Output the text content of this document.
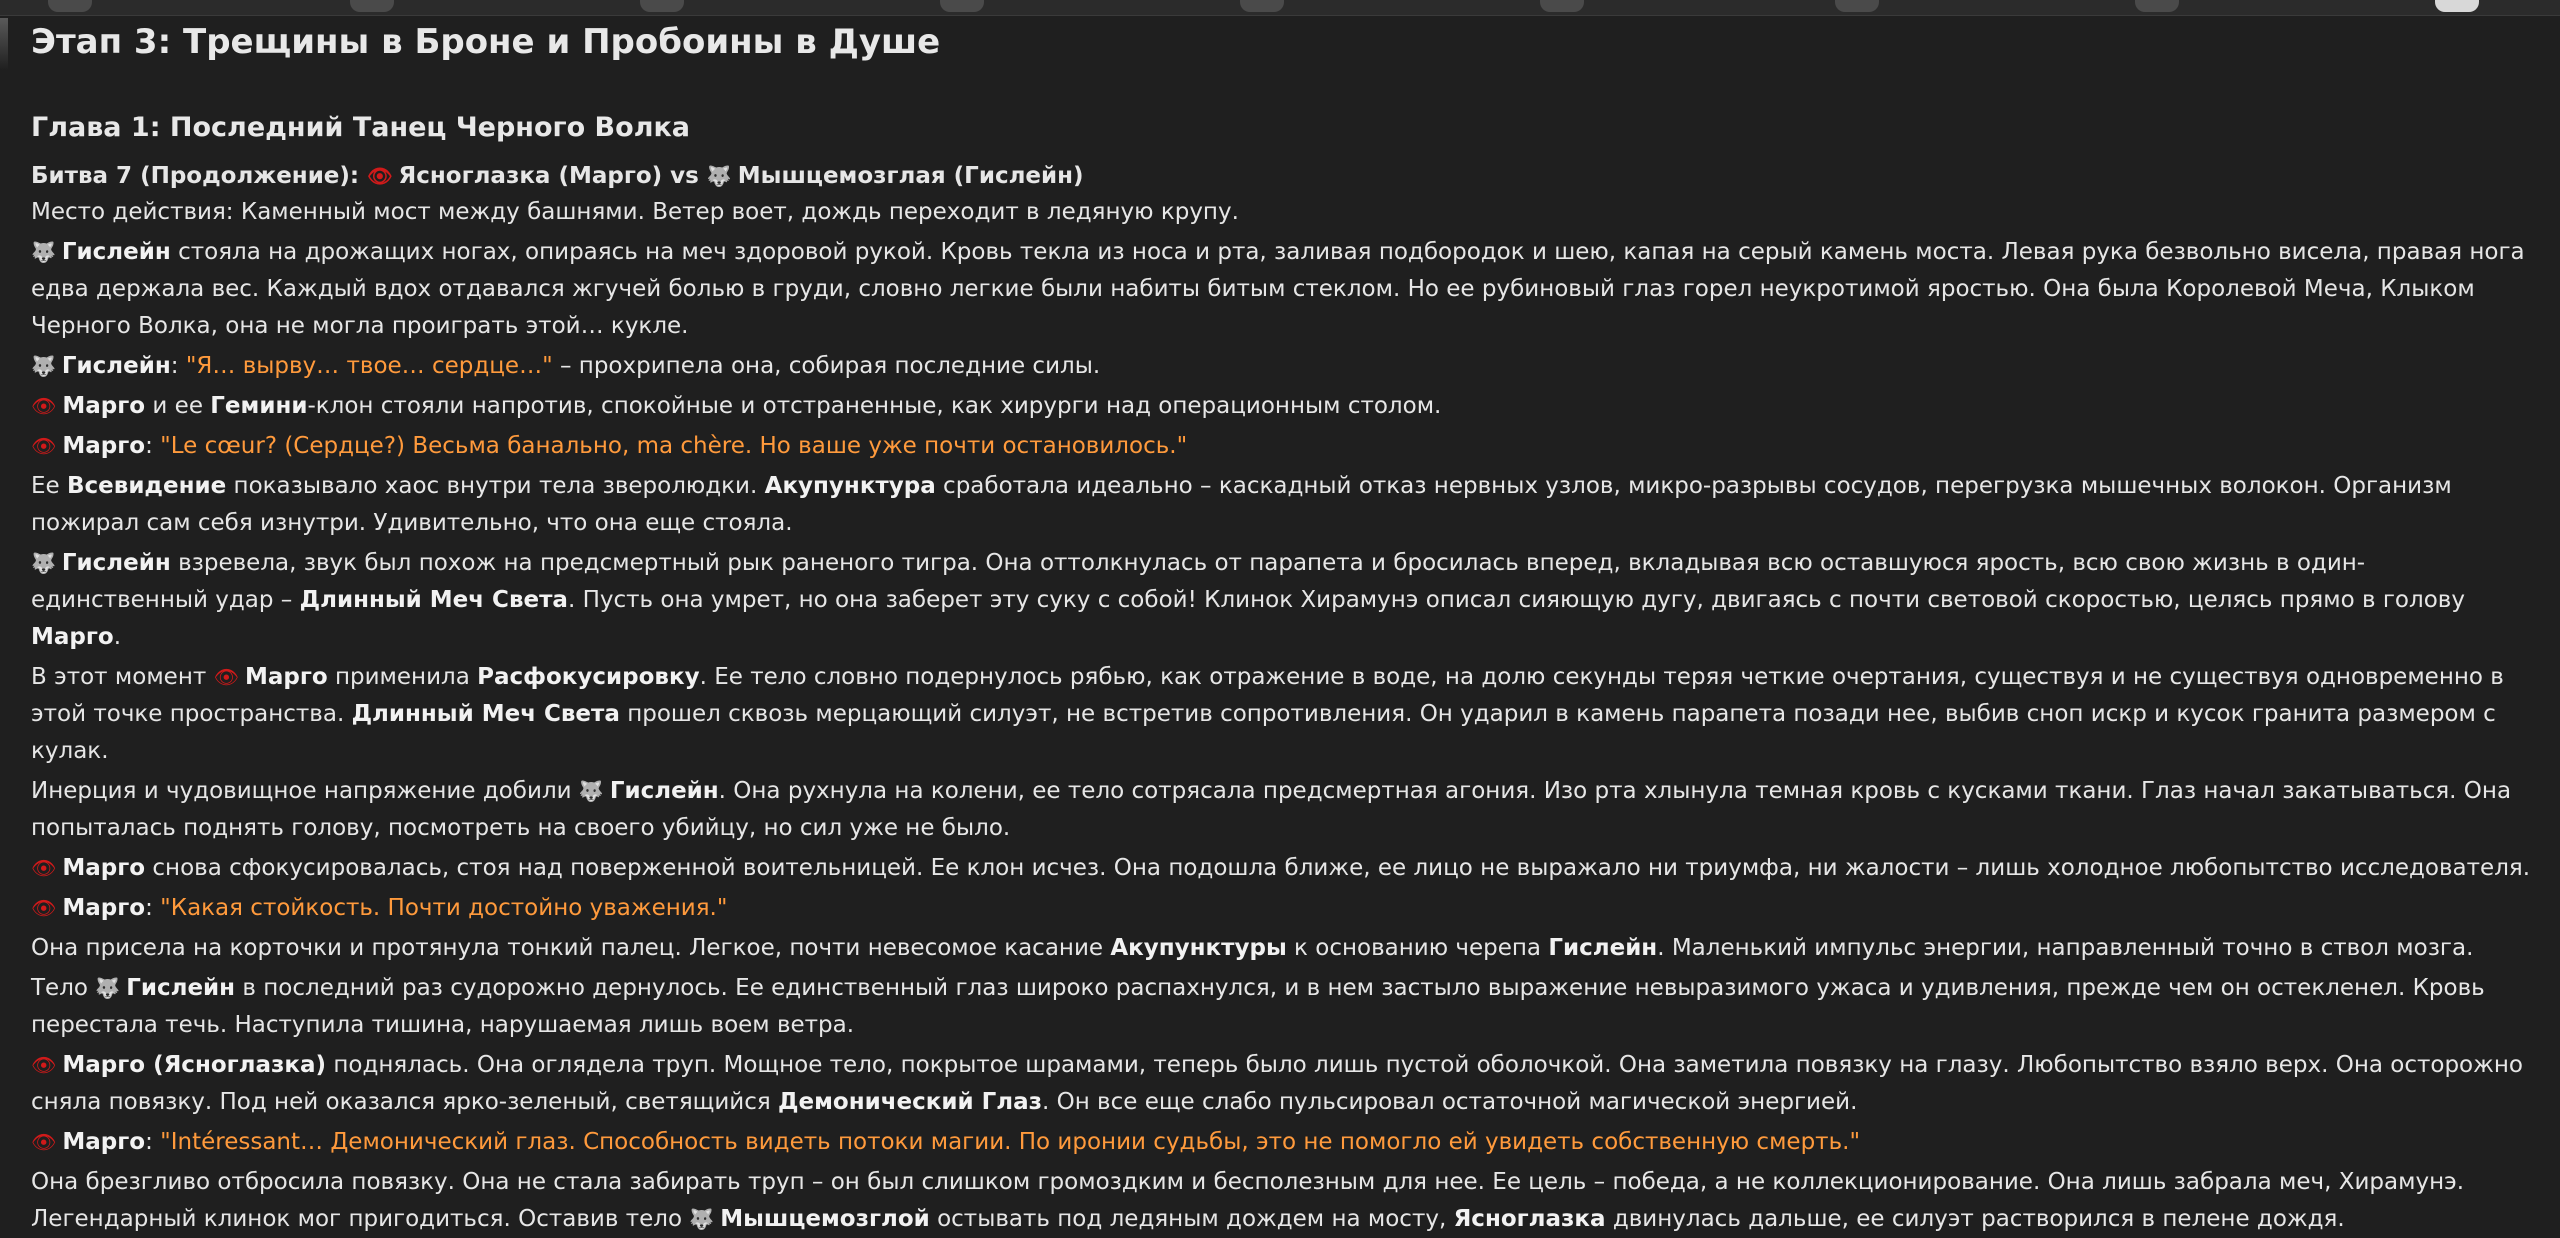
Этап 3: Трещины в Броне и Пробоины в Душе
Глава 1: Последний Танец Черного Волка
Битва 7 (Продолжение): 👁 Ясноглазка (Марго) vs 🐺 Мышцемозглая (Гислейн)

Место действия: Каменный мост между башнями. Ветер воет, дождь переходит в ледяную крупу.

🐺 Гислейн стояла на дрожащих ногах, опираясь на меч здоровой рукой. Кровь текла из носа и рта, заливая подбородок и шею, капая на серый камень моста. Левая рука безвольно висела, правая нога едва держала вес. Каждый вдох отдавался жгучей болью в груди, словно легкие были набиты битым стеклом. Но ее рубиновый глаз горел неукротимой яростью. Она была Королевой Меча, Клыком Черного Волка, она не могла проиграть этой… кукле.

🐺 Гислейн: "Я… вырву… твое… сердце…" – прохрипела она, собирая последние силы.

👁 Марго и ее Гемини-клон стояли напротив, спокойные и отстраненные, как хирурги над операционным столом.

👁 Марго: "Le cœur? (Сердце?) Весьма банально, ma chère. Но ваше уже почти остановилось."

Ее Всевидение показывало хаос внутри тела зверолюдки. Акупунктура сработала идеально – каскадный отказ нервных узлов, микро-разрывы сосудов, перегрузка мышечных волокон. Организм пожирал сам себя изнутри. Удивительно, что она еще стояла.

🐺 Гислейн взревела, звук был похож на предсмертный рык раненого тигра. Она оттолкнулась от парапета и бросилась вперед, вкладывая всю оставшуюся ярость, всю свою жизнь в один-единственный удар – Длинный Меч Света. Пусть она умрет, но она заберет эту суку с собой! Клинок Хирамунэ описал сияющую дугу, двигаясь с почти световой скоростью, целясь прямо в голову Марго.

В этот момент 👁 Марго применила Расфокусировку. Ее тело словно подернулось рябью, как отражение в воде, на долю секунды теряя четкие очертания, существуя и не существуя одновременно в этой точке пространства. Длинный Меч Света прошел сквозь мерцающий силуэт, не встретив сопротивления. Он ударил в камень парапета позади нее, выбив сноп искр и кусок гранита размером с кулак.

Инерция и чудовищное напряжение добили 🐺 Гислейн. Она рухнула на колени, ее тело сотрясала предсмертная агония. Изо рта хлынула темная кровь с кусками ткани. Глаз начал закатываться. Она попыталась поднять голову, посмотреть на своего убийцу, но сил уже не было.

👁 Марго снова сфокусировалась, стоя над поверженной воительницей. Ее клон исчез. Она подошла ближе, ее лицо не выражало ни триумфа, ни жалости – лишь холодное любопытство исследователя.

👁 Марго: "Какая стойкость. Почти достойно уважения."

Она присела на корточки и протянула тонкий палец. Легкое, почти невесомое касание Акупунктуры к основанию черепа Гислейн. Маленький импульс энергии, направленный точно в ствол мозга.

Тело 🐺 Гислейн в последний раз судорожно дернулось. Ее единственный глаз широко распахнулся, и в нем застыло выражение невыразимого ужаса и удивления, прежде чем он остекленел. Кровь перестала течь. Наступила тишина, нарушаемая лишь воем ветра.

👁 Марго (Ясноглазка) поднялась. Она оглядела труп. Мощное тело, покрытое шрамами, теперь было лишь пустой оболочкой. Она заметила повязку на глазу. Любопытство взяло верх. Она осторожно сняла повязку. Под ней оказался ярко-зеленый, светящийся Демонический Глаз. Он все еще слабо пульсировал остаточной магической энергией.

👁 Марго: "Intéressant… Демонический глаз. Способность видеть потоки магии. По иронии судьбы, это не помогло ей увидеть собственную смерть."

Она брезгливо отбросила повязку. Она не стала забирать труп – он был слишком громоздким и бесполезным для нее. Ее цель – победа, а не коллекционирование. Она лишь забрала меч, Хирамунэ. Легендарный клинок мог пригодиться. Оставив тело 🐺 Мышцемозглой остывать под ледяным дождем на мосту, Ясноглазка двинулась дальше, ее силуэт растворился в пелене дождя.
